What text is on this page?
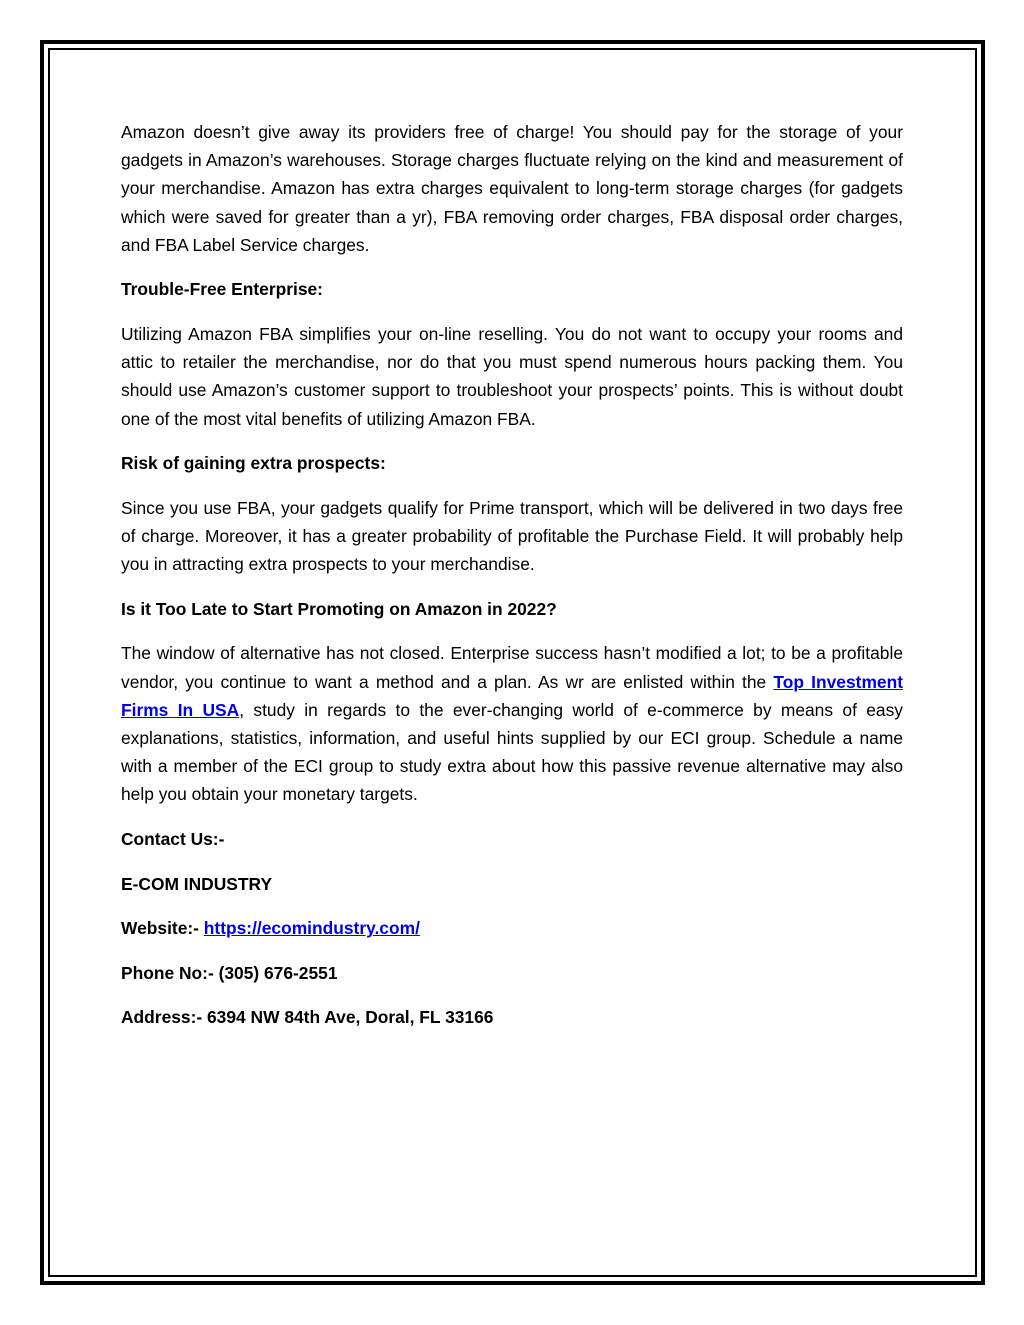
Amazon doesn’t give away its providers free of charge! You should pay for the storage of your gadgets in Amazon’s warehouses. Storage charges fluctuate relying on the kind and measurement of your merchandise. Amazon has extra charges equivalent to long-term storage charges (for gadgets which were saved for greater than a yr), FBA removing order charges, FBA disposal order charges, and FBA Label Service charges.

Trouble-Free Enterprise:

Utilizing Amazon FBA simplifies your on-line reselling. You do not want to occupy your rooms and attic to retailer the merchandise, nor do that you must spend numerous hours packing them. You should use Amazon’s customer support to troubleshoot your prospects’ points. This is without doubt one of the most vital benefits of utilizing Amazon FBA.

Risk of gaining extra prospects:

Since you use FBA, your gadgets qualify for Prime transport, which will be delivered in two days free of charge. Moreover, it has a greater probability of profitable the Purchase Field. It will probably help you in attracting extra prospects to your merchandise.

Is it Too Late to Start Promoting on Amazon in 2022?

The window of alternative has not closed. Enterprise success hasn’t modified a lot; to be a profitable vendor, you continue to want a method and a plan. As wr are enlisted within the Top Investment Firms In USA, study in regards to the ever-changing world of e-commerce by means of easy explanations, statistics, information, and useful hints supplied by our ECI group. Schedule a name with a member of the ECI group to study extra about how this passive revenue alternative may also help you obtain your monetary targets.

Contact Us:-

E-COM INDUSTRY

Website:- https://ecomindustry.com/

Phone No:- (305) 676-2551

Address:- 6394 NW 84th Ave, Doral, FL 33166
